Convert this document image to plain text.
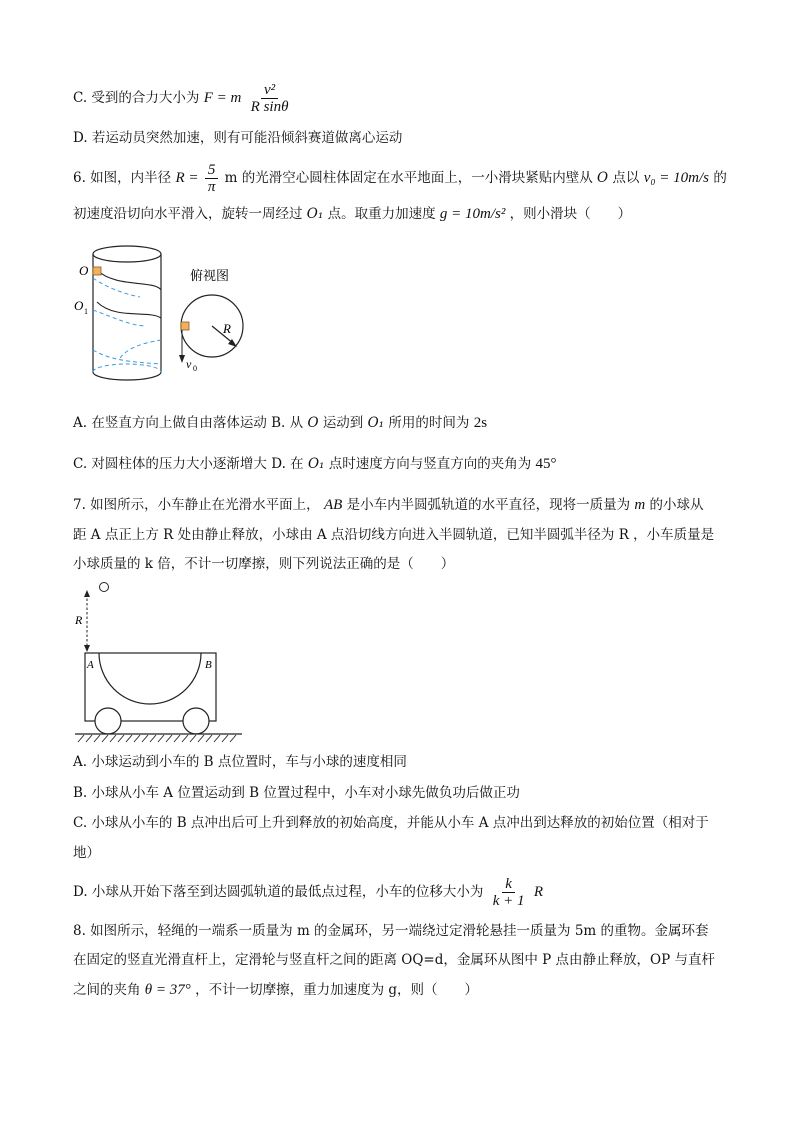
C. 受到的合力大小为 F = m $\frac{\text{v²}}{\text{R sinθ}}$
D. 若运动员突然加速，则有可能沿倾斜赛道做离心运动
6. 如图，内半径 $R = \frac{5}{\pi}$ m 的光滑空心圆柱体固定在水平地面上，一小滑块紧贴内壁从 O 点以 v₀ = 10m/s 的
初速度沿切向水平滑入，旋转一周经过 O₁ 点。取重力加速度 g = 10m/s² ，则小滑块（　　）
O
O 1
俯视图
R
v 0
A. 在竖直方向上做自由落体运动 B. 从 O 运动到 O₁ 所用的时间为 2s
C. 对圆柱体的压力大小逐渐增大 D. 在 O₁ 点时速度方向与竖直方向的夹角为 45°
7. 如图所示，小车静止在光滑水平面上， AB 是小车内半圆弧轨道的水平直径，现将一质量为 m 的小球从
距 A 点正上方 R 处由静止释放，小球由 A 点沿切线方向进入半圆轨道，已知半圆弧半径为 R ，小车质量是
小球质量的 k 倍，不计一切摩擦，则下列说法正确的是（　　）
R
A	B
A. 小球运动到小车的 B 点位置时，车与小球的速度相同
B. 小球从小车 A 位置运动到 B 位置过程中，小车对小球先做负功后做正功
C. 小球从小车的 B 点冲出后可上升到释放的初始高度，并能从小车 A 点冲出到达释放的初始位置（相对于
地）
D. 小球从开始下落至到达圆弧轨道的最低点过程，小车的位移大小为 $\frac{k}{k + 1}$ R
8. 如图所示，轻绳的一端系一质量为 m 的金属环，另一端绕过定滑轮悬挂一质量为 5m 的重物。金属环套
在固定的竖直光滑直杆上，定滑轮与竖直杆之间的距离 OQ=d，金属环从图中 P 点由静止释放，OP 与直杆
之间的夹角 θ = 37° ，不计一切摩擦，重力加速度为 g，则（　　）
